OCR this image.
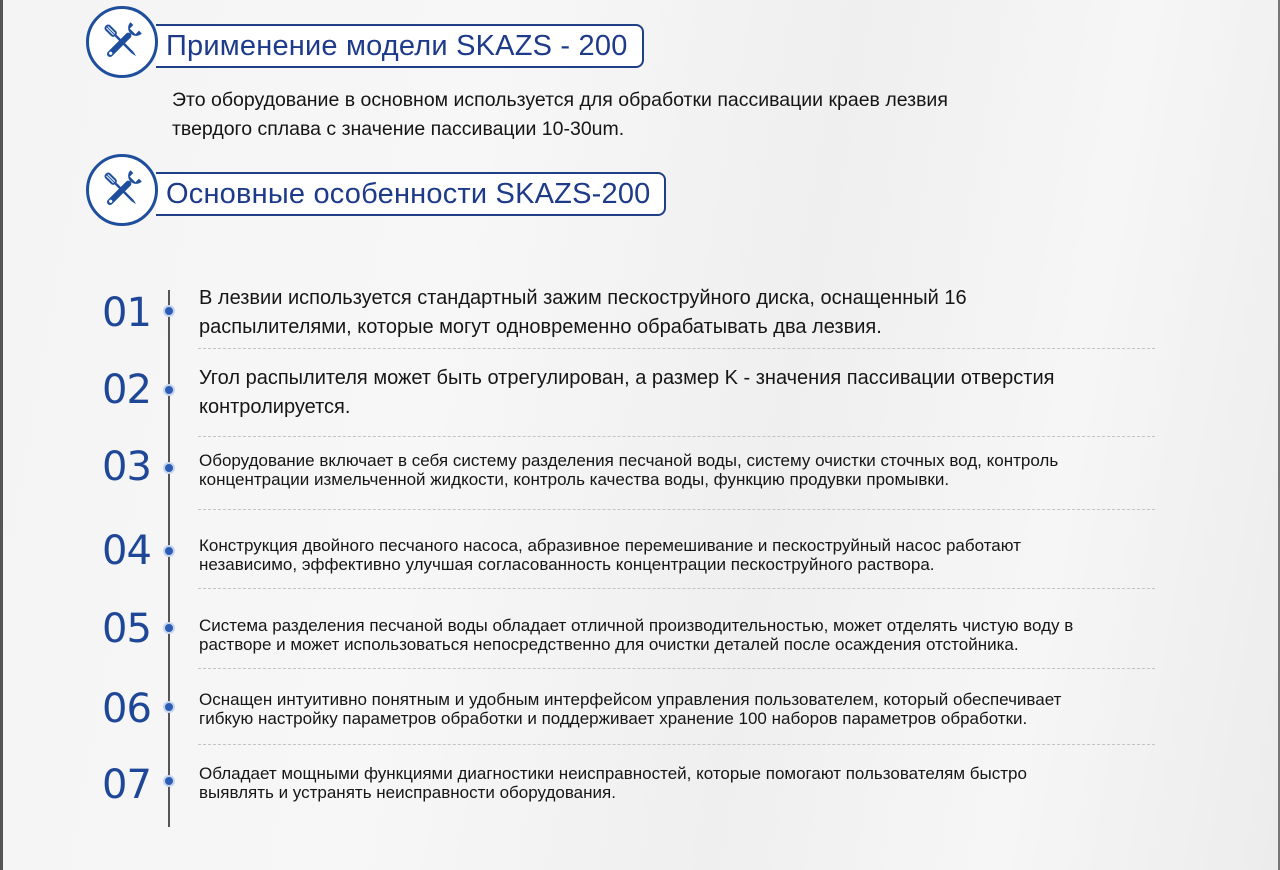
Применение модели SKAZS - 200
Это оборудование в основном используется для обработки пассивации краев лезвия
твердого сплава с значение пассивации 10-30um.
Основные особенности SKAZS-200
01 В лезвии используется стандартный зажим пескоструйного диска, оснащенный 16
распылителями, которые могут одновременно обрабатывать два лезвия.
02 Угол распылителя может быть отрегулирован, а размер K - значения пассивации отверстия
контролируется.
03	Оборудование включает в себя систему разделения песчаной воды, систему очистки сточных вод, контроль
концентрации измельченной жидкости, контроль качества воды, функцию продувки промывки.
04	Конструкция двойного песчаного насоса, абразивное перемешивание и пескоструйный насос работают
независимо, эффективно улучшая согласованность концентрации пескоструйного раствора.
05	Система разделения песчаной воды обладает отличной производительностью, может отделять чистую воду в
растворе и может использоваться непосредственно для очистки деталей после осаждения отстойника.
06	Оснащен интуитивно понятным и удобным интерфейсом управления пользователем, который обеспечивает
гибкую настройку параметров обработки и поддерживает хранение 100 наборов параметров обработки.
07	Обладает мощными функциями диагностики неисправностей, которые помогают пользователям быстро
выявлять и устранять неисправности оборудования.
